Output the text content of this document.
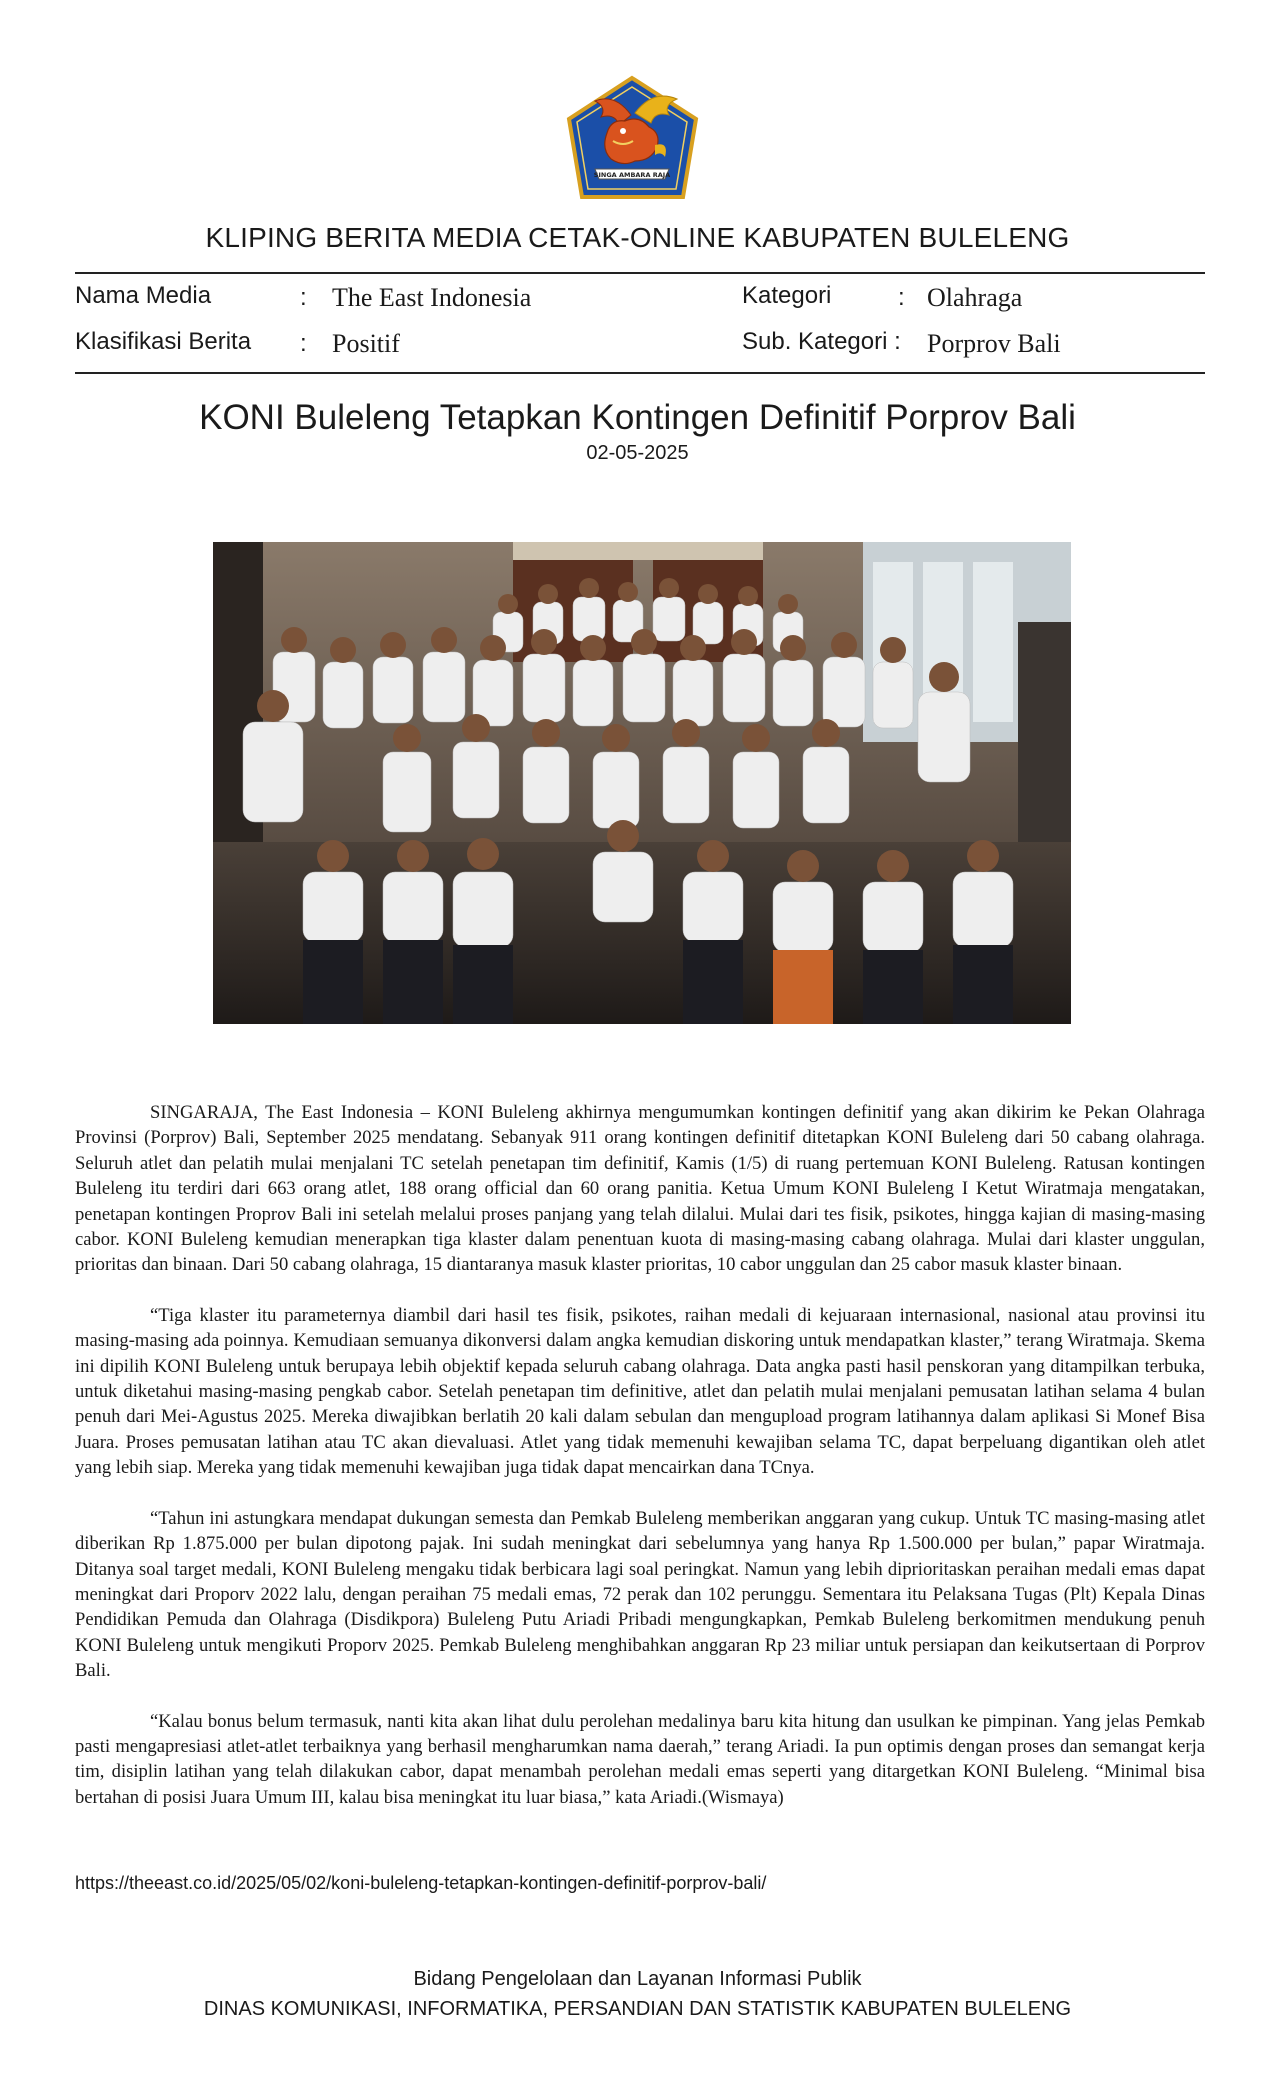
SINGA AMBARA RAJA
KLIPING BERITA MEDIA CETAK-ONLINE KABUPATEN BULELENG
Nama Media	: The East Indonesia
Klasifikasi Berita : Positif
Kategori	: Olahraga
Sub. Kategori : Porprov Bali
KONI Buleleng Tetapkan Kontingen Definitif Porprov Bali
02-05-2025

SINGARAJA, The East Indonesia – KONI Buleleng akhirnya mengumumkan kontingen definitif yang akan dikirim ke Pekan Olahraga Provinsi (Porprov) Bali, September 2025 mendatang. Sebanyak 911 orang kontingen definitif ditetapkan KONI Buleleng dari 50 cabang olahraga. Seluruh atlet dan pelatih mulai menjalani TC setelah penetapan tim definitif, Kamis (1/5) di ruang pertemuan KONI Buleleng. Ratusan kontingen Buleleng itu terdiri dari 663 orang atlet, 188 orang official dan 60 orang panitia. Ketua Umum KONI Buleleng I Ketut Wiratmaja mengatakan, penetapan kontingen Proprov Bali ini setelah melalui proses panjang yang telah dilalui. Mulai dari tes fisik, psikotes, hingga kajian di masing-masing cabor. KONI Buleleng kemudian menerapkan tiga klaster dalam penentuan kuota di masing-masing cabang olahraga. Mulai dari klaster unggulan, prioritas dan binaan. Dari 50 cabang olahraga, 15 diantaranya masuk klaster prioritas, 10 cabor unggulan dan 25 cabor masuk klaster binaan.

“Tiga klaster itu parameternya diambil dari hasil tes fisik, psikotes, raihan medali di kejuaraan internasional, nasional atau provinsi itu masing-masing ada poinnya. Kemudiaan semuanya dikonversi dalam angka kemudian diskoring untuk mendapatkan klaster,” terang Wiratmaja. Skema ini dipilih KONI Buleleng untuk berupaya lebih objektif kepada seluruh cabang olahraga. Data angka pasti hasil penskoran yang ditampilkan terbuka, untuk diketahui masing-masing pengkab cabor. Setelah penetapan tim definitive, atlet dan pelatih mulai menjalani pemusatan latihan selama 4 bulan penuh dari Mei-Agustus 2025. Mereka diwajibkan berlatih 20 kali dalam sebulan dan mengupload program latihannya dalam aplikasi Si Monef Bisa Juara. Proses pemusatan latihan atau TC akan dievaluasi. Atlet yang tidak memenuhi kewajiban selama TC, dapat berpeluang digantikan oleh atlet yang lebih siap. Mereka yang tidak memenuhi kewajiban juga tidak dapat mencairkan dana TCnya.

“Tahun ini astungkara mendapat dukungan semesta dan Pemkab Buleleng memberikan anggaran yang cukup. Untuk TC masing-masing atlet diberikan Rp 1.875.000 per bulan dipotong pajak. Ini sudah meningkat dari sebelumnya yang hanya Rp 1.500.000 per bulan,” papar Wiratmaja. Ditanya soal target medali, KONI Buleleng mengaku tidak berbicara lagi soal peringkat. Namun yang lebih diprioritaskan peraihan medali emas dapat meningkat dari Proporv 2022 lalu, dengan peraihan 75 medali emas, 72 perak dan 102 perunggu. Sementara itu Pelaksana Tugas (Plt) Kepala Dinas Pendidikan Pemuda dan Olahraga (Disdikpora) Buleleng Putu Ariadi Pribadi mengungkapkan, Pemkab Buleleng berkomitmen mendukung penuh KONI Buleleng untuk mengikuti Proporv 2025. Pemkab Buleleng menghibahkan anggaran Rp 23 miliar untuk persiapan dan keikutsertaan di Porprov Bali.

“Kalau bonus belum termasuk, nanti kita akan lihat dulu perolehan medalinya baru kita hitung dan usulkan ke pimpinan. Yang jelas Pemkab pasti mengapresiasi atlet-atlet terbaiknya yang berhasil mengharumkan nama daerah,” terang Ariadi. Ia pun optimis dengan proses dan semangat kerja tim, disiplin latihan yang telah dilakukan cabor, dapat menambah perolehan medali emas seperti yang ditargetkan KONI Buleleng. “Minimal bisa bertahan di posisi Juara Umum III, kalau bisa meningkat itu luar biasa,” kata Ariadi.(Wismaya)

https://theeast.co.id/2025/05/02/koni-buleleng-tetapkan-kontingen-definitif-porprov-bali/
Bidang Pengelolaan dan Layanan Informasi Publik
DINAS KOMUNIKASI, INFORMATIKA, PERSANDIAN DAN STATISTIK KABUPATEN BULELENG
